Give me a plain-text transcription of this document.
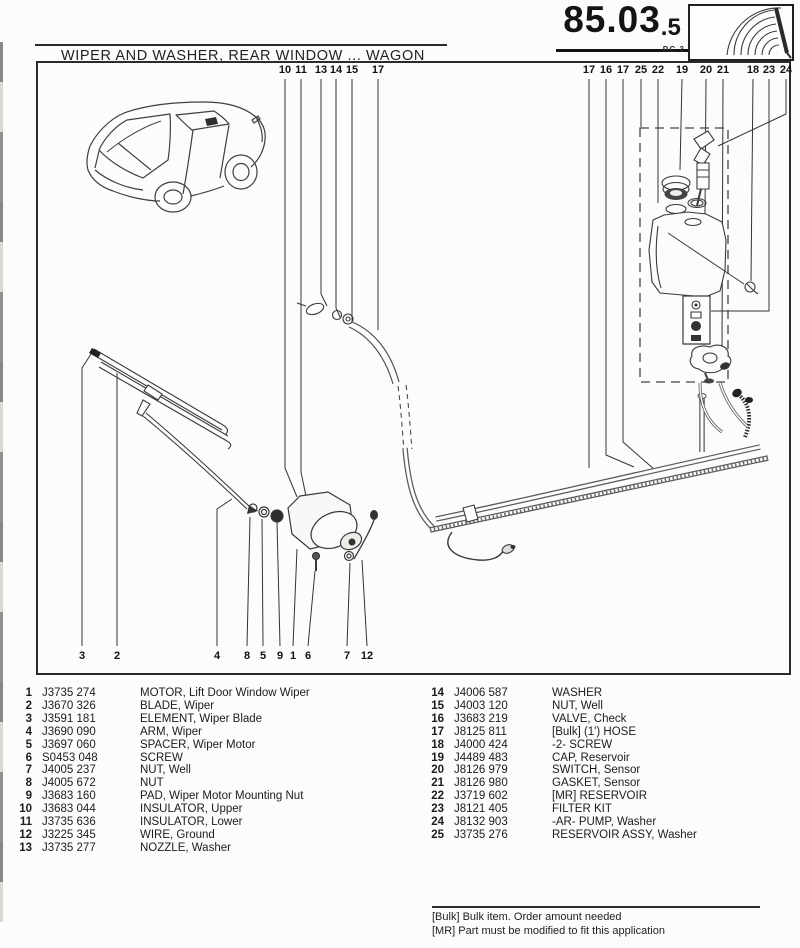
85.03.5
P.C. 3
WIPER AND WASHER, REAR WINDOW ... WAGON
10 11 13 14 15 17	17 16 17 25 22 19 20 21 18 23 24
3	2	4 8 5 9 1 6	7 12
1 J3735 274	MOTOR, Lift Door Window Wiper
2 J3670 326	BLADE, Wiper
3 J3591 181	ELEMENT, Wiper Blade
4 J3690 090	ARM, Wiper
5 J3697 060	SPACER, Wiper Motor
6 S0453 048	SCREW
7 J4005 237	NUT, Well
8 J4005 672	NUT
9 J3683 160	PAD, Wiper Motor Mounting Nut
10 J3683 044	INSULATOR, Upper
11 J3735 636	INSULATOR, Lower
12 J3225 345	WIRE, Ground
13 J3735 277	NOZZLE, Washer
14 J4006 587	WASHER
15 J4003 120	NUT, Well
16 J3683 219	VALVE, Check
17 J8125 811	[Bulk] (1') HOSE
18 J4000 424	-2- SCREW
19 J4489 483	CAP, Reservoir
20 J8126 979	SWITCH, Sensor
21 J8126 980	GASKET, Sensor
22 J3719 602	[MR] RESERVOIR
23 J8121 405	FILTER KIT
24 J8132 903	-AR- PUMP, Washer
25 J3735 276	RESERVOIR ASSY, Washer
[Bulk] Bulk item. Order amount needed
[MR] Part must be modified to fit this application
